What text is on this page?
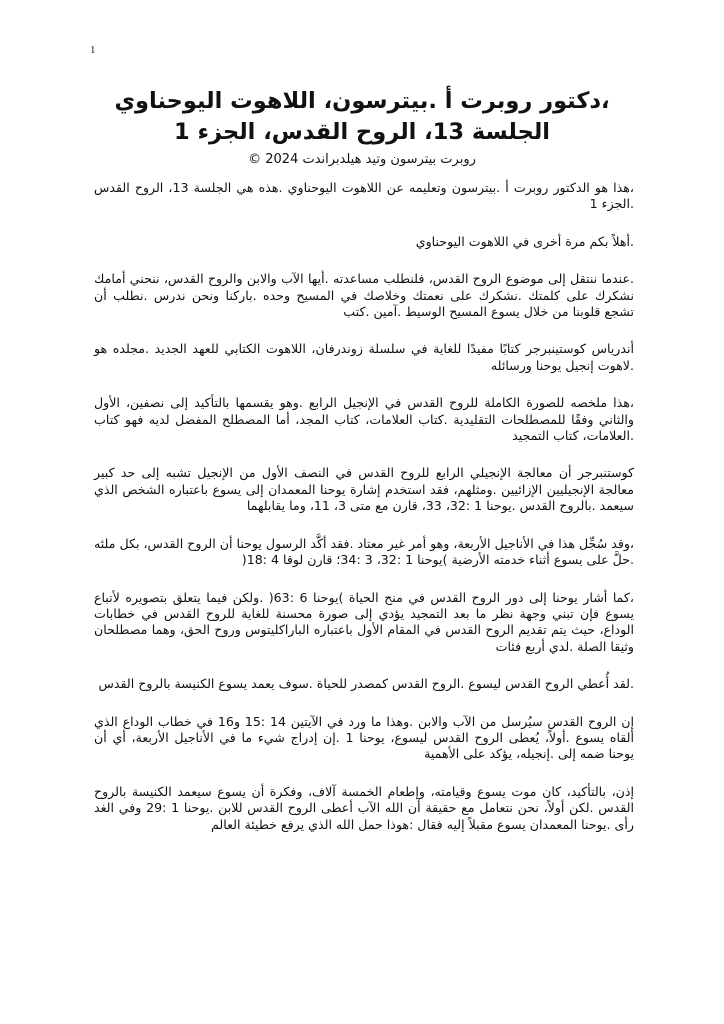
1
،دكتور روبرت أ .بيترسون، اللاهوت اليوحناوي
الجلسة 13، الروح القدس، الجزء 1
روبرت بيترسون وتيد هيلدبراندت 2024 ©

،هذا هو الدكتور روبرت أ .بيترسون وتعليمه عن اللاهوت اليوحناوي .هذه هي الجلسة 13، الروح القدس .الجزء 1

.أهلاً بكم مرة أخرى في اللاهوت اليوحناوي

.عندما ننتقل إلى موضوع الروح القدس، فلنطلب مساعدته .أيها الآب والابن والروح القدس، ننحني أمامك نشكرك على كلمتك .نشكرك على نعمتك وخلاصك في المسيح وحده .باركنا ونحن ندرس .نطلب أن تشجع قلوبنا من خلال يسوع المسيح الوسيط .آمين .كتب

أندرياس كوستينبرجر كتابًا مفيدًا للغاية في سلسلة زوندرفان، اللاهوت الكتابي للعهد الجديد .مجلده هو .لاهوت إنجيل يوحنا ورسائله

،هذا ملخصه للصورة الكاملة للروح القدس في الإنجيل الرابع .وهو يقسمها بالتأكيد إلى نصفين، الأول والثاني وفقًا للمصطلحات التقليدية .كتاب العلامات، كتاب المجد، أما المصطلح المفضل لديه فهو كتاب .العلامات، كتاب التمجيد

كوستنبرجر أن معالجة الإنجيلي الرابع للروح القدس في النصف الأول من الإنجيل تشبه إلى حد كبير معالجة الإنجيليين الإزائيين .ومثلهم، فقد استخدم إشارة يوحنا المعمدان إلى يسوع باعتباره الشخص الذي سيعمد .بالروح القدس .يوحنا 1 :32، 33، قارن مع متى 3، 11، وما يقابلهما

،وقد سُجِّل هذا في الأناجيل الأربعة، وهو أمر غير معتاد .فقد أكَّد الرسول يوحنا أن الروح القدس، بكل ملئه .حلَّ على يسوع أثناء خدمته الأرضية )يوحنا 1 :32، 3 :34؛ قارن لوقا 4 :18(

،كما أشار يوحنا إلى دور الروح القدس في منح الحياة )يوحنا 6 :63( .ولكن فيما يتعلق بتصويره لأتباع يسوع فإن تبني وجهة نظر ما بعد التمجيد يؤدي إلى صورة محسنة للغاية للروح القدس في خطابات الوداع، حيث يتم تقديم الروح القدس في المقام الأول باعتباره الباراكليتوس وروح الحق، وهما مصطلحان وثيقا الصلة .لدي أربع فئات

.لقد أُعطي الروح القدس ليسوع .الروح القدس كمصدر للحياة .سوف يعمد يسوع الكنيسة بالروح القدس

إن الروح القدس سيُرسل من الآب والابن .وهذا ما ورد في الآيتين 14 :15 و16 في خطاب الوداع الذي ألقاه يسوع .أولاً، يُعطى الروح القدس ليسوع، يوحنا 1 .إن إدراج شيء ما في الأناجيل الأربعة، أي أن يوحنا ضمه إلى .إنجيله، يؤكد على الأهمية

إذن، بالتأكيد، كان موت يسوع وقيامته، وإطعام الخمسة آلاف، وفكرة أن يسوع سيعمد الكنيسة بالروح القدس .لكن أولاً، نحن نتعامل مع حقيقة أن الله الآب أعطى الروح القدس للابن .يوحنا 1 :29 وفي الغد رأى .يوحنا المعمدان يسوع مقبلاً إليه فقال :هوذا حمل الله الذي يرفع خطيئة العالم
